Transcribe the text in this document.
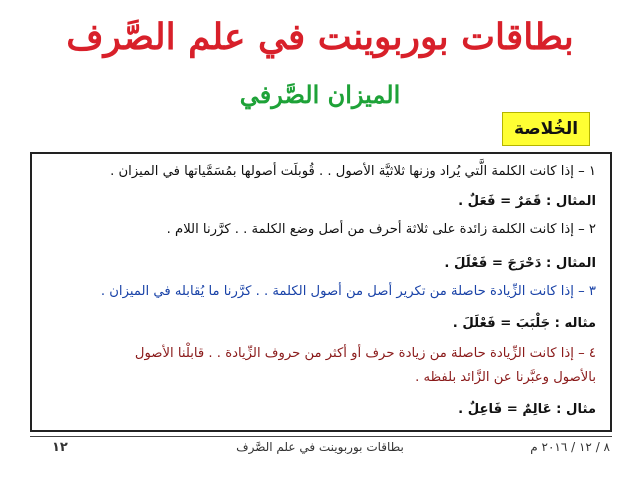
بطاقات بوربوينت في علم الصَّرف
الميزان الصَّرفي
الخُلاصة
١ – إذا كانت الكلمة الَّتي يُراد وزنها ثلاثيَّة الأصول . . قُوبلَت أصولها بمُسَمَّياتها في الميزان .
المثال : قَمَرٌ = فَعَلٌ .
٢ – إذا كانت الكلمة زائدة على ثلاثة أحرف من أصل وضع الكلمة . . كرَّرنا اللام .
المثال : دَحْرَجَ = فَعْلَلَ .
٣ – إذا كانت الزِّيادة حاصلة من تكرير أصل من أصول الكلمة . . كرَّرنا ما يُقابله في الميزان .
مثاله : جَلْبَبَ = فَعْلَلَ .
٤ – إذا كانت الزِّيادة حاصلة من زيادة حرف أو أكثر من حروف الزِّيادة . . قابلْنا الأصول
بالأصول وعبَّرنا عن الزَّائد بلفظه .
مثال : عَالِمٌ = فَاعِلٌ .
٨ / ١٢ / ٢٠١٦ م
بطاقات بوربوينت في علم الصَّرف
١٢
